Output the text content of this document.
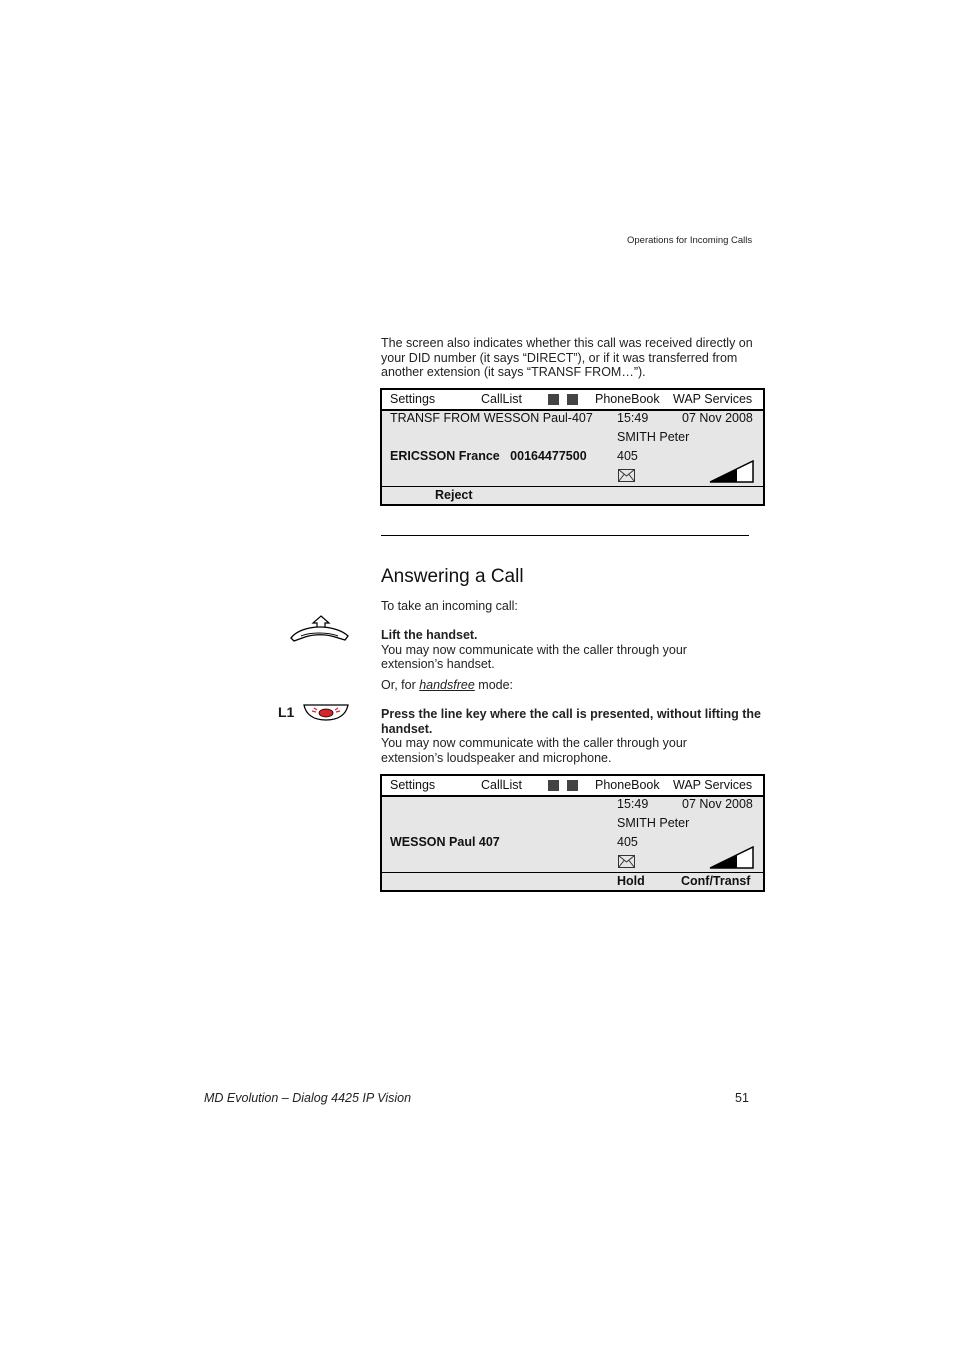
Operations for Incoming Calls
The screen also indicates whether this call was received directly on your DID number (it says “DIRECT”), or if it was transferred from another extension (it says “TRANSF FROM…”).
Settings	CallList	PhoneBook WAP Services
TRANSF FROM WESSON Paul-407 15:49	07 Nov 2008
SMITH Peter
ERICSSON France   00164477500 405
Reject
Answering a Call
To take an incoming call:
Lift the handset.
You may now communicate with the caller through your extension’s handset.
Or, for handsfree mode:
L1	Press the line key where the call is presented, without lifting the handset.
You may now communicate with the caller through your extension’s loudspeaker and microphone.
Settings	CallList	PhoneBook WAP Services
15:49	07 Nov 2008
SMITH Peter
WESSON Paul 407	405
Hold	Conf/Transf
MD Evolution – Dialog 4425 IP Vision	51
